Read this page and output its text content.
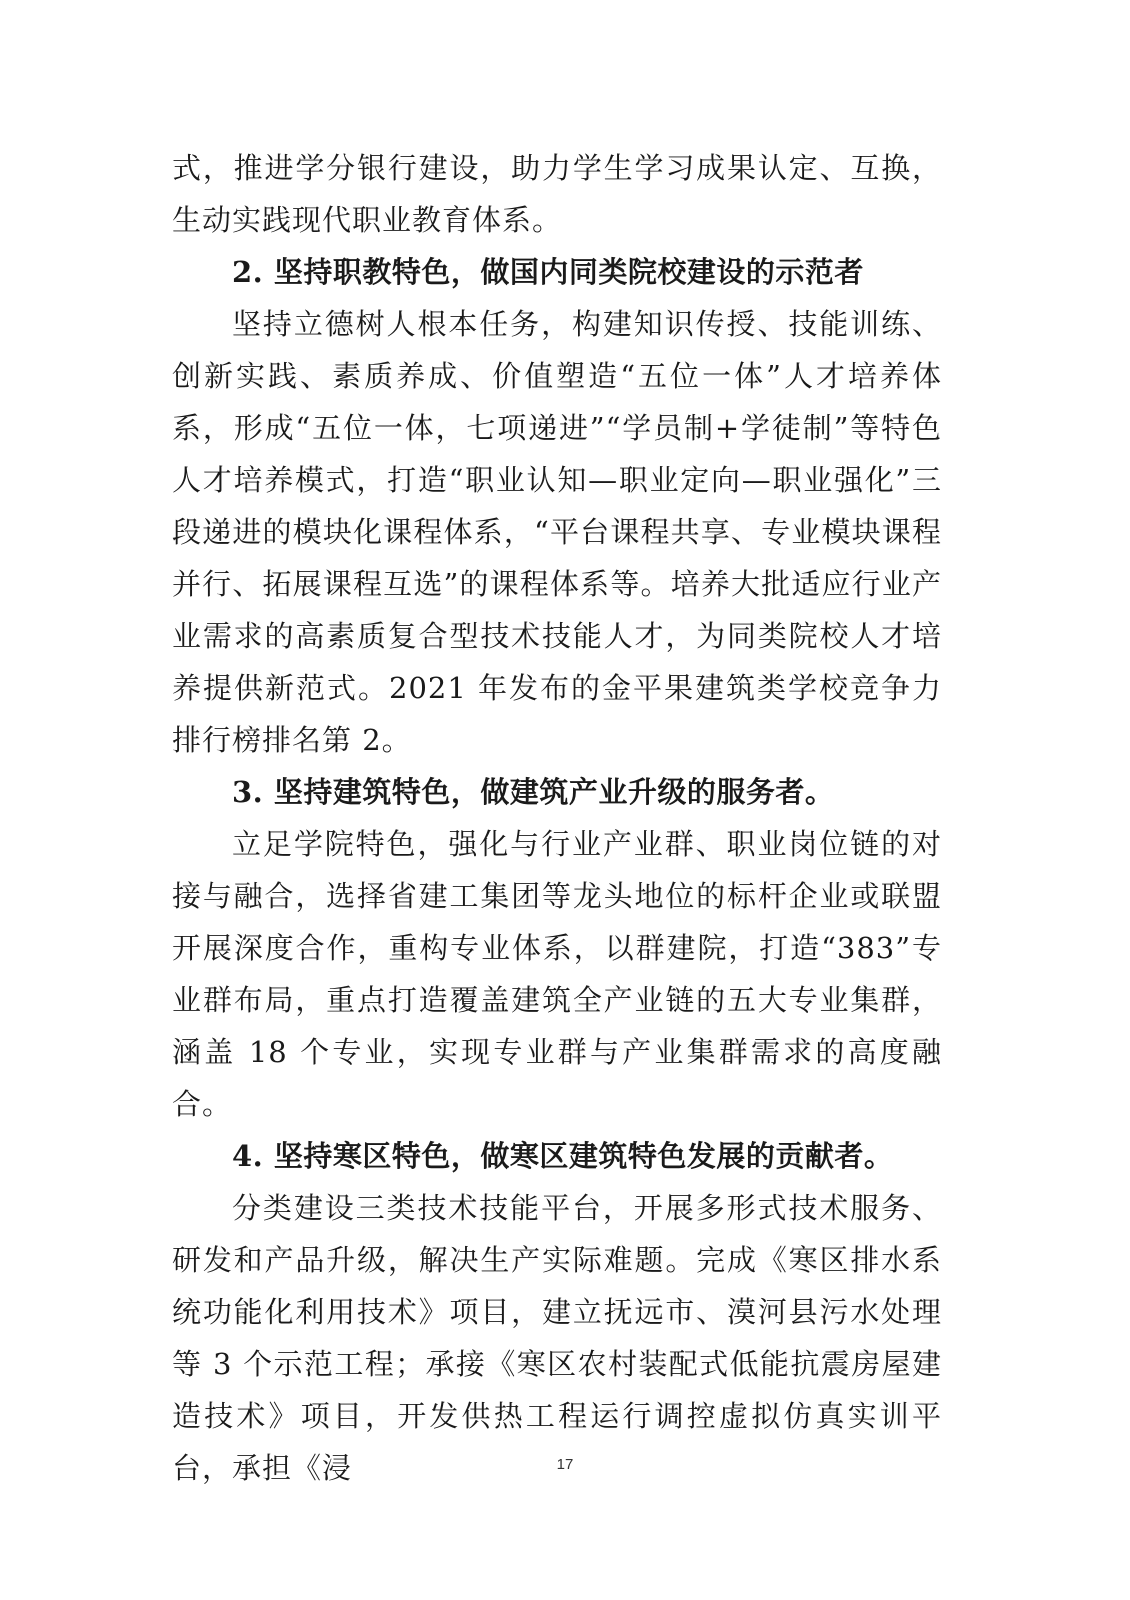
式，推进学分银行建设，助力学生学习成果认定、互换，生动实践现代职业教育体系。

2. 坚持职教特色，做国内同类院校建设的示范者

坚持立德树人根本任务，构建知识传授、技能训练、创新实践、素质养成、价值塑造“五位一体”人才培养体系，形成“五位一体，七项递进”“学员制+学徒制”等特色人才培养模式，打造“职业认知—职业定向—职业强化”三段递进的模块化课程体系，“平台课程共享、专业模块课程并行、拓展课程互选”的课程体系等。培养大批适应行业产业需求的高素质复合型技术技能人才，为同类院校人才培养提供新范式。2021 年发布的金平果建筑类学校竞争力排行榜排名第 2。

3. 坚持建筑特色，做建筑产业升级的服务者。

立足学院特色，强化与行业产业群、职业岗位链的对接与融合，选择省建工集团等龙头地位的标杆企业或联盟开展深度合作，重构专业体系，以群建院，打造“383”专业群布局，重点打造覆盖建筑全产业链的五大专业集群，涵盖 18 个专业，实现专业群与产业集群需求的高度融合。

4. 坚持寒区特色，做寒区建筑特色发展的贡献者。

分类建设三类技术技能平台，开展多形式技术服务、研发和产品升级，解决生产实际难题。完成《寒区排水系统功能化利用技术》项目，建立抚远市、漠河县污水处理等 3 个示范工程；承接《寒区农村装配式低能抗震房屋建造技术》项目，开发供热工程运行调控虚拟仿真实训平台，承担《浸	17
